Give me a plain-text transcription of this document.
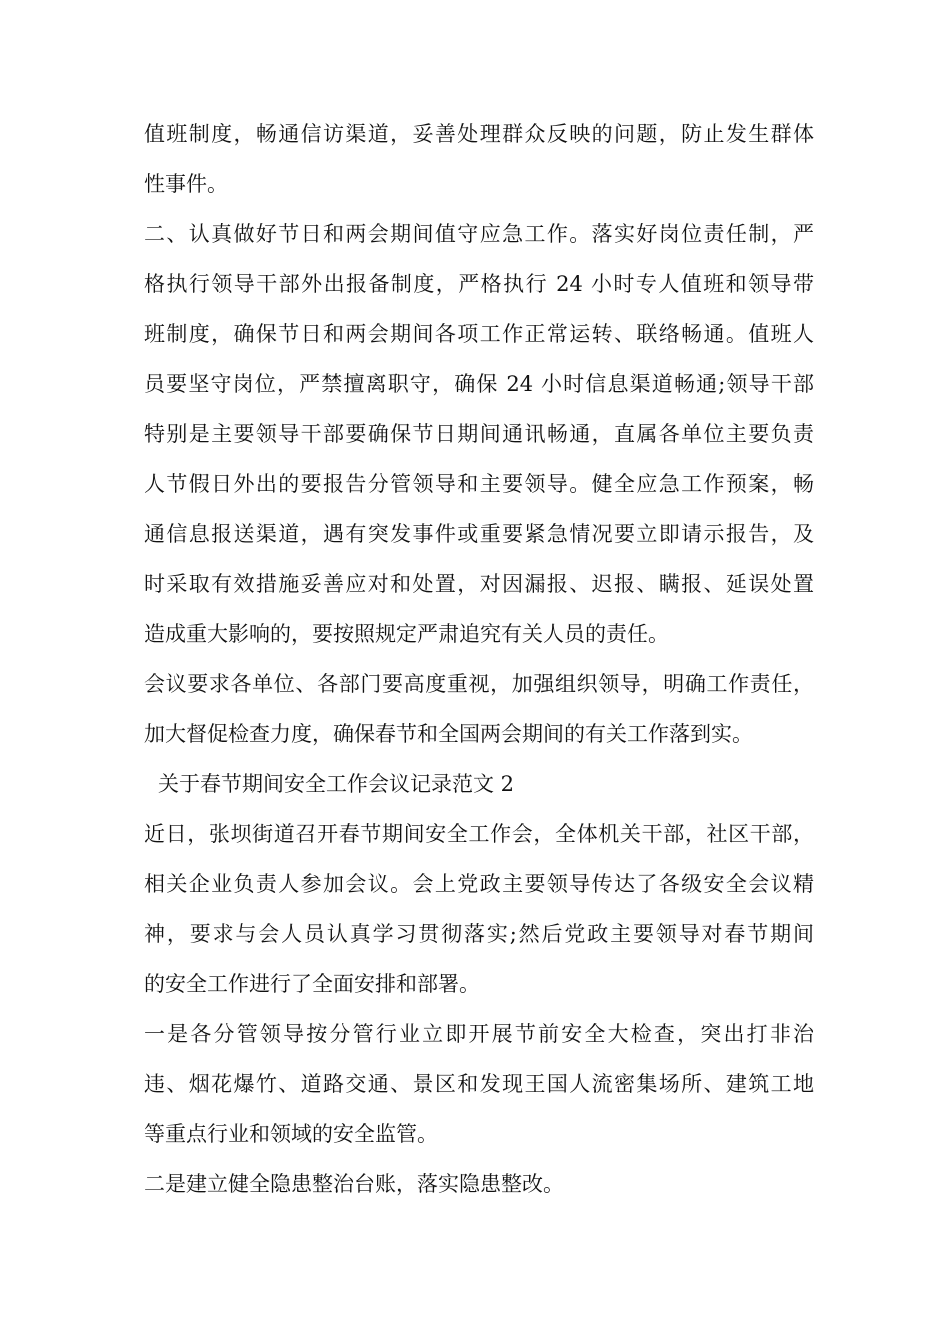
值班制度，畅通信访渠道，妥善处理群众反映的问题，防止发生群体
性事件。
二、认真做好节日和两会期间值守应急工作。落实好岗位责任制，严
格执行领导干部外出报备制度，严格执行 24 小时专人值班和领导带
班制度，确保节日和两会期间各项工作正常运转、联络畅通。值班人
员要坚守岗位，严禁擅离职守，确保 24 小时信息渠道畅通;领导干部
特别是主要领导干部要确保节日期间通讯畅通，直属各单位主要负责
人节假日外出的要报告分管领导和主要领导。健全应急工作预案，畅
通信息报送渠道，遇有突发事件或重要紧急情况要立即请示报告，及
时采取有效措施妥善应对和处置，对因漏报、迟报、瞒报、延误处置
造成重大影响的，要按照规定严肃追究有关人员的责任。
会议要求各单位、各部门要高度重视，加强组织领导，明确工作责任，
加大督促检查力度，确保春节和全国两会期间的有关工作落到实。
关于春节期间安全工作会议记录范文 2
近日，张坝街道召开春节期间安全工作会，全体机关干部，社区干部，
相关企业负责人参加会议。会上党政主要领导传达了各级安全会议精
神，要求与会人员认真学习贯彻落实;然后党政主要领导对春节期间
的安全工作进行了全面安排和部署。
一是各分管领导按分管行业立即开展节前安全大检查，突出打非治
违、烟花爆竹、道路交通、景区和发现王国人流密集场所、建筑工地
等重点行业和领域的安全监管。
二是建立健全隐患整治台账，落实隐患整改。
